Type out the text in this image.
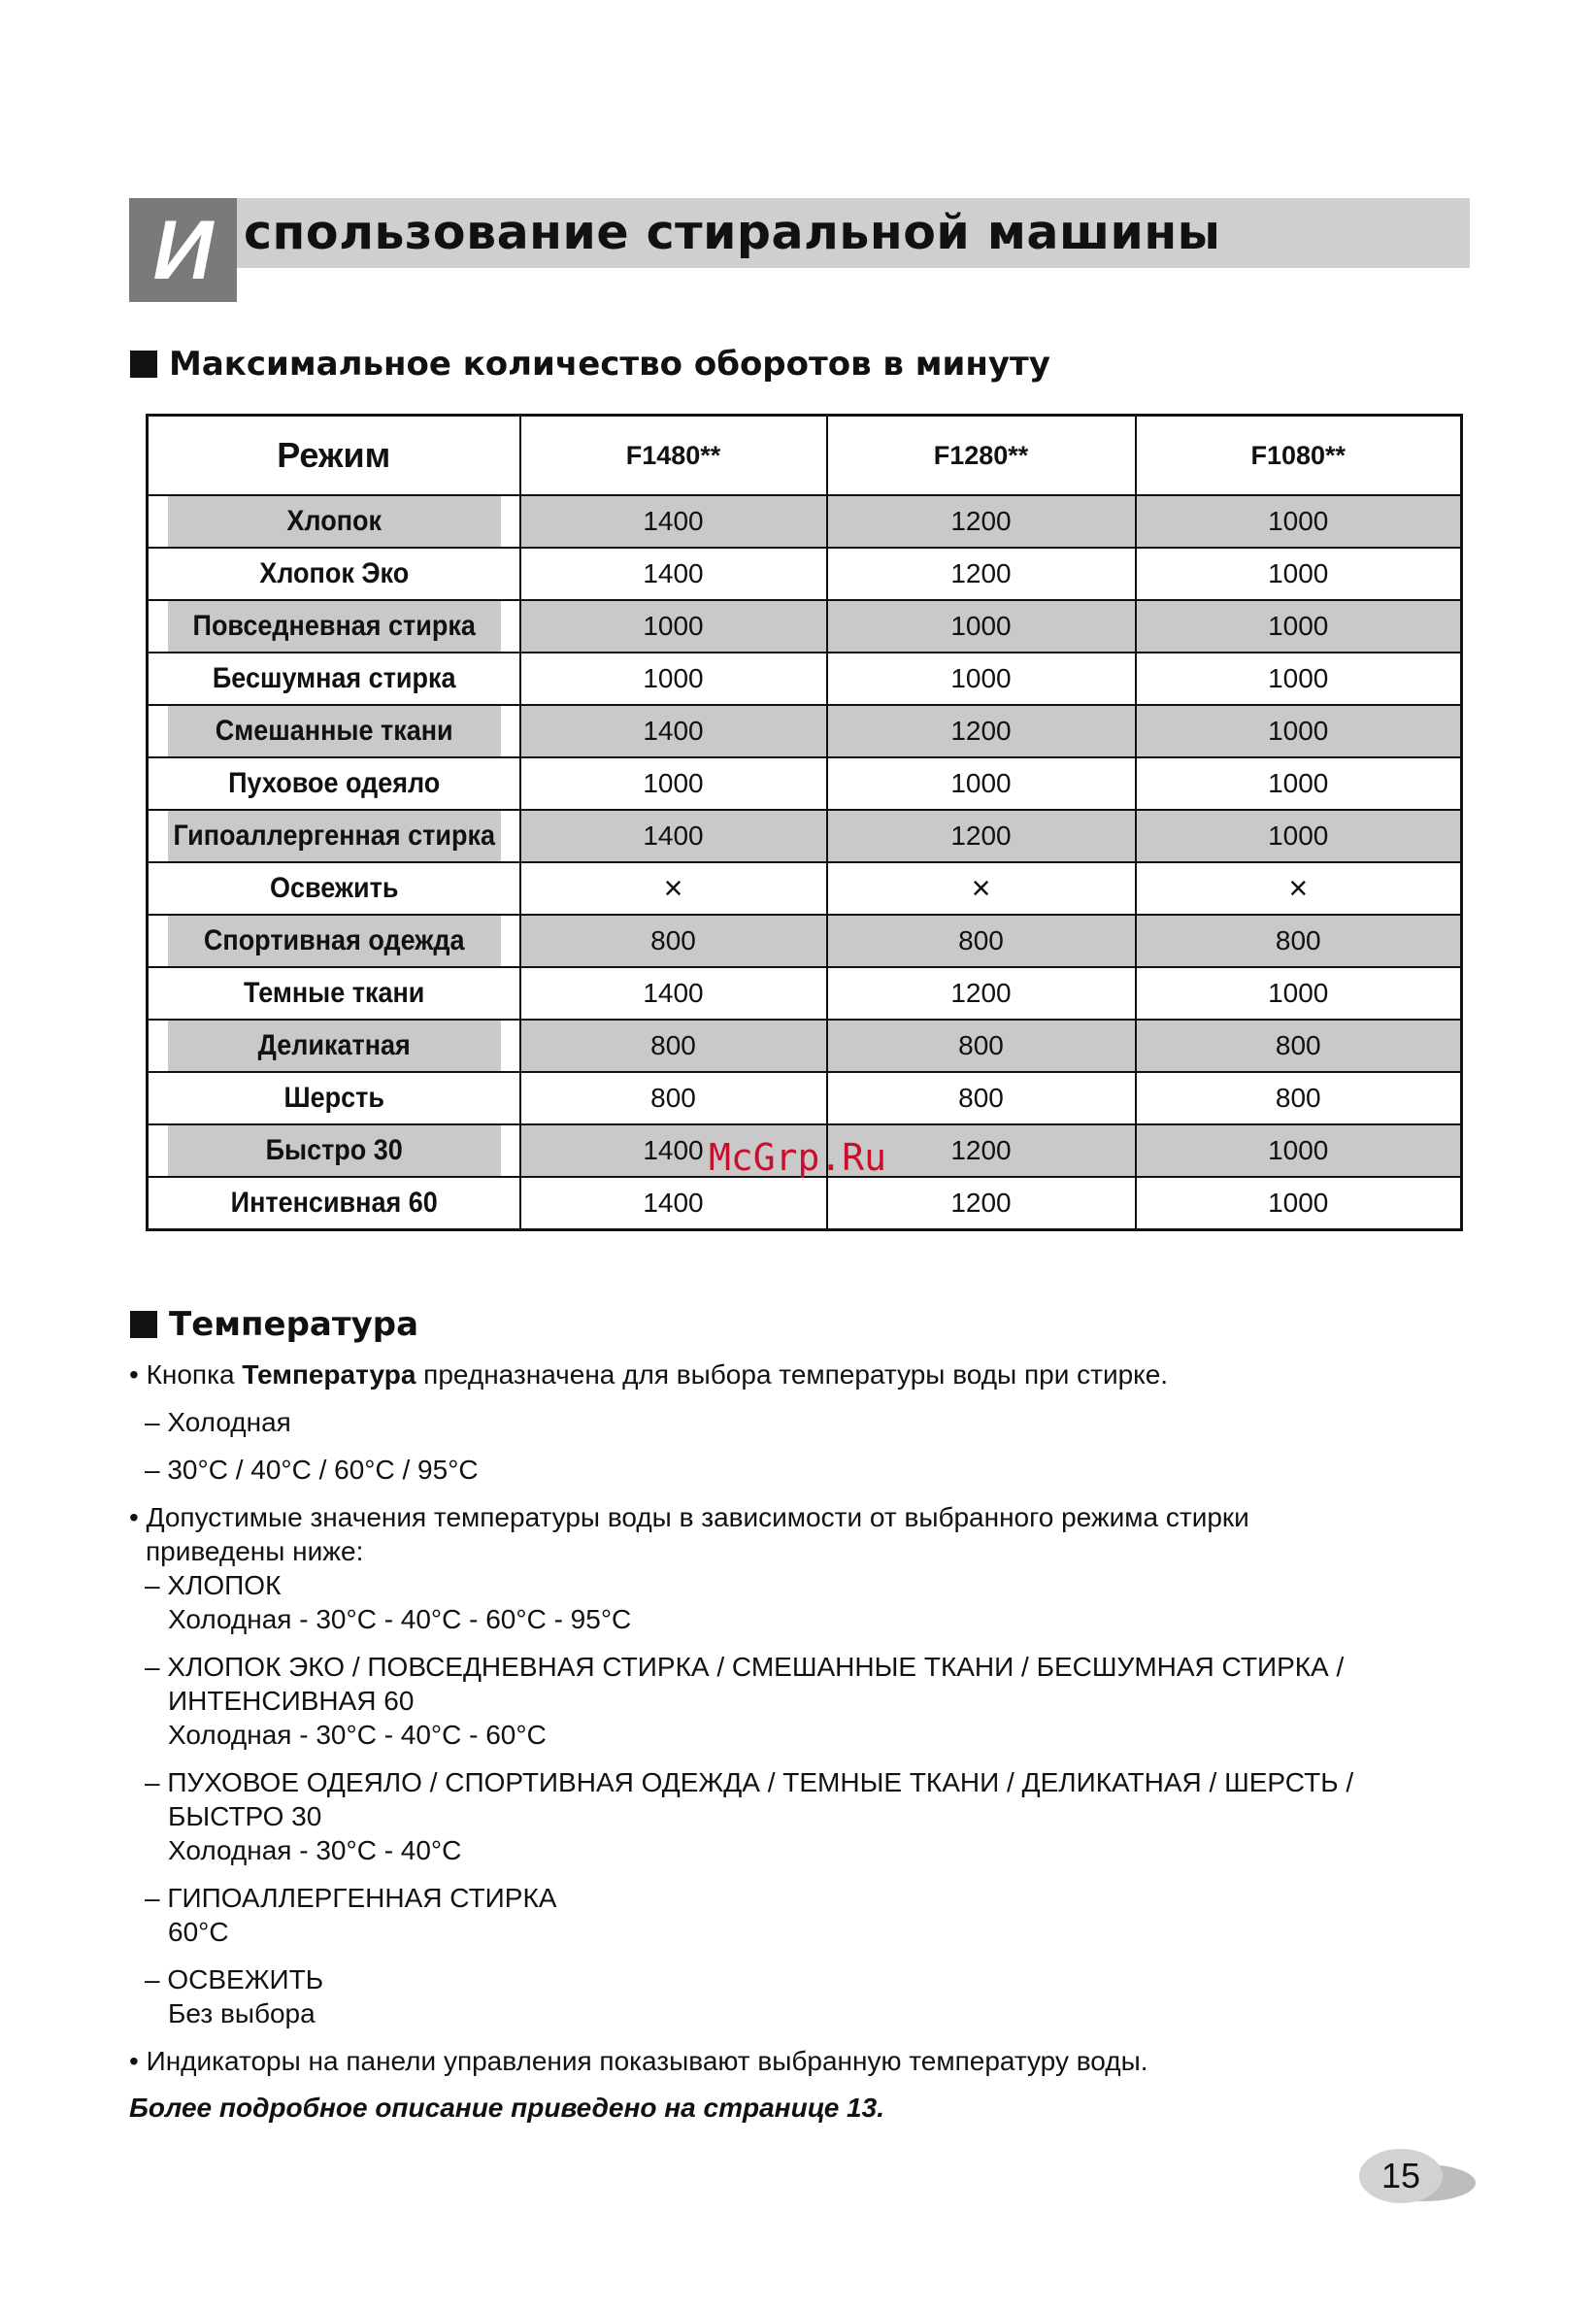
И спользование стиральной машины
Максимальное количество оборотов в минуту
Режим	F1480**	F1280**	F1080**
Хлопок	1400	1200	1000
Хлопок Эко	1400	1200	1000
Повседневная стирка	1000	1000	1000
Бесшумная стирка	1000	1000	1000
Смешанные ткани	1400	1200	1000
Пуховое одеяло	1000	1000	1000
Гипоаллергенная стирка	1400	1200	1000
Освежить	×	×	×
Спортивная одежда	800	800	800
Темные ткани	1400	1200	1000
Деликатная	800	800	800
Шерсть	800	800	800
Быстро 30	1400	1200	1000
Интенсивная 60	1400	1200	1000
McGrp.Ru
Температура

• Кнопка Температура предназначена для выбора температуры воды при стирке.

– Холодная

– 30°C / 40°C / 60°C / 95°C

• Допустимые значения температуры воды в зависимости от выбранного режима стирки

приведены ниже:

– ХЛОПОК

Холодная - 30°C - 40°C - 60°C - 95°C

– ХЛОПОК ЭКО / ПОВСЕДНЕВНАЯ СТИРКА / СМЕШАННЫЕ ТКАНИ / БЕСШУМНАЯ СТИРКА /

ИНТЕНСИВНАЯ 60

Холодная - 30°C - 40°C - 60°C

– ПУХОВОЕ ОДЕЯЛО / СПОРТИВНАЯ ОДЕЖДА / ТЕМНЫЕ ТКАНИ / ДЕЛИКАТНАЯ / ШЕРСТЬ /

БЫСТРО 30

Холодная - 30°C - 40°C

– ГИПОАЛЛЕРГЕННАЯ СТИРКА

60°C

– ОСВЕЖИТЬ

Без выбора

• Индикаторы на панели управления показывают выбранную температуру воды.

Более подробное описание приведено на странице 13.

15
